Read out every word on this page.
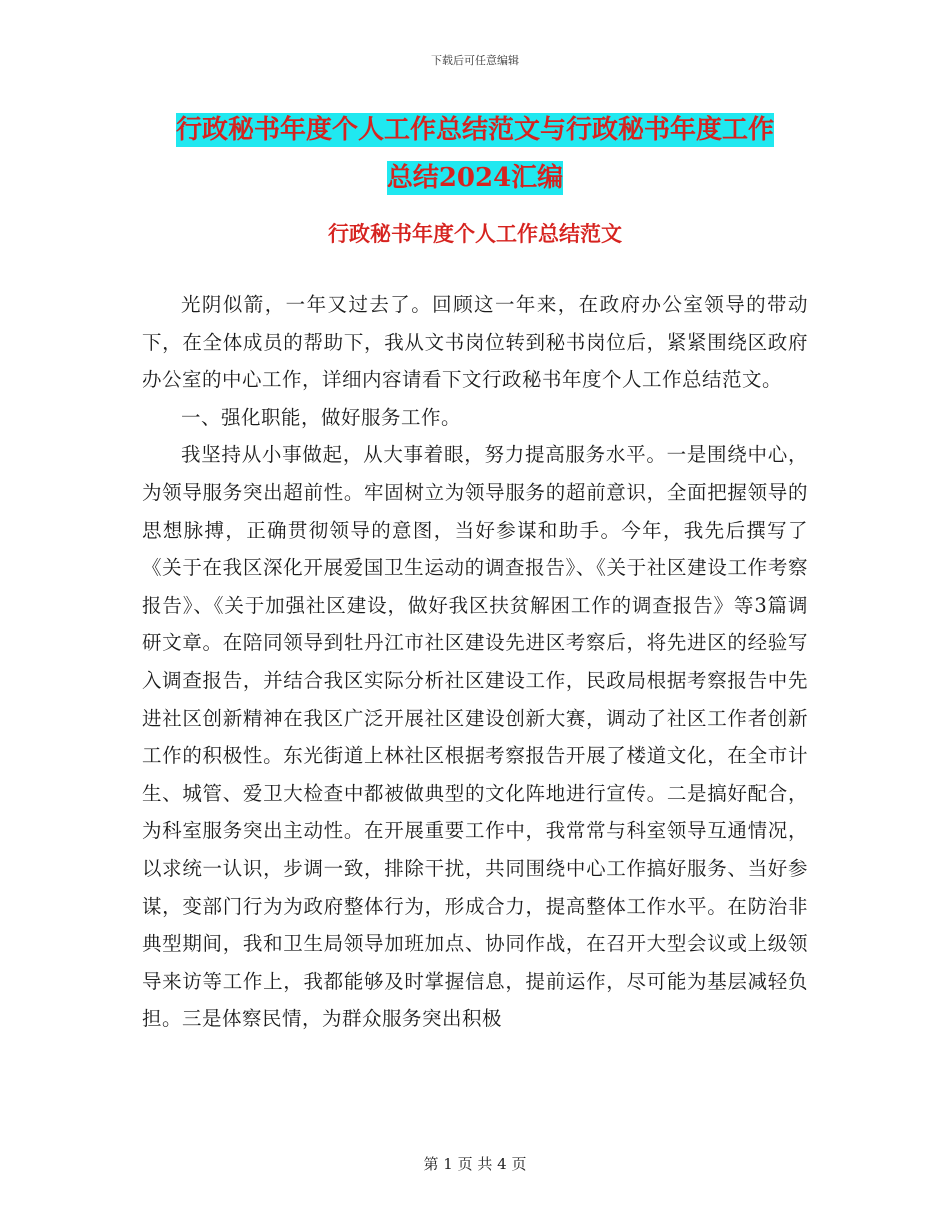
下载后可任意编辑
行政秘书年度个人工作总结范文与行政秘书年度工作
总结2024汇编
行政秘书年度个人工作总结范文

光阴似箭，一年又过去了。回顾这一年来，在政府办公室领导的带动下，在全体成员的帮助下，我从文书岗位转到秘书岗位后，紧紧围绕区政府办公室的中心工作，详细内容请看下文行政秘书年度个人工作总结范文。

一、强化职能，做好服务工作。

我坚持从小事做起，从大事着眼，努力提高服务水平。一是围绕中心，为领导服务突出超前性。牢固树立为领导服务的超前意识，全面把握领导的思想脉搏，正确贯彻领导的意图，当好参谋和助手。今年，我先后撰写了《关于在我区深化开展爱国卫生运动的调查报告》、《关于社区建设工作考察报告》、《关于加强社区建设，做好我区扶贫解困工作的调查报告》等3篇调研文章。在陪同领导到牡丹江市社区建设先进区考察后，将先进区的经验写入调查报告，并结合我区实际分析社区建设工作，民政局根据考察报告中先进社区创新精神在我区广泛开展社区建设创新大赛，调动了社区工作者创新工作的积极性。东光街道上林社区根据考察报告开展了楼道文化，在全市计生、城管、爱卫大检查中都被做典型的文化阵地进行宣传。二是搞好配合，为科室服务突出主动性。在开展重要工作中，我常常与科室领导互通情况，以求统一认识，步调一致，排除干扰，共同围绕中心工作搞好服务、当好参谋，变部门行为为政府整体行为，形成合力，提高整体工作水平。在防治非典型期间，我和卫生局领导加班加点、协同作战，在召开大型会议或上级领导来访等工作上，我都能够及时掌握信息，提前运作，尽可能为基层减轻负担。三是体察民情，为群众服务突出积极

第 1 页 共 4 页
